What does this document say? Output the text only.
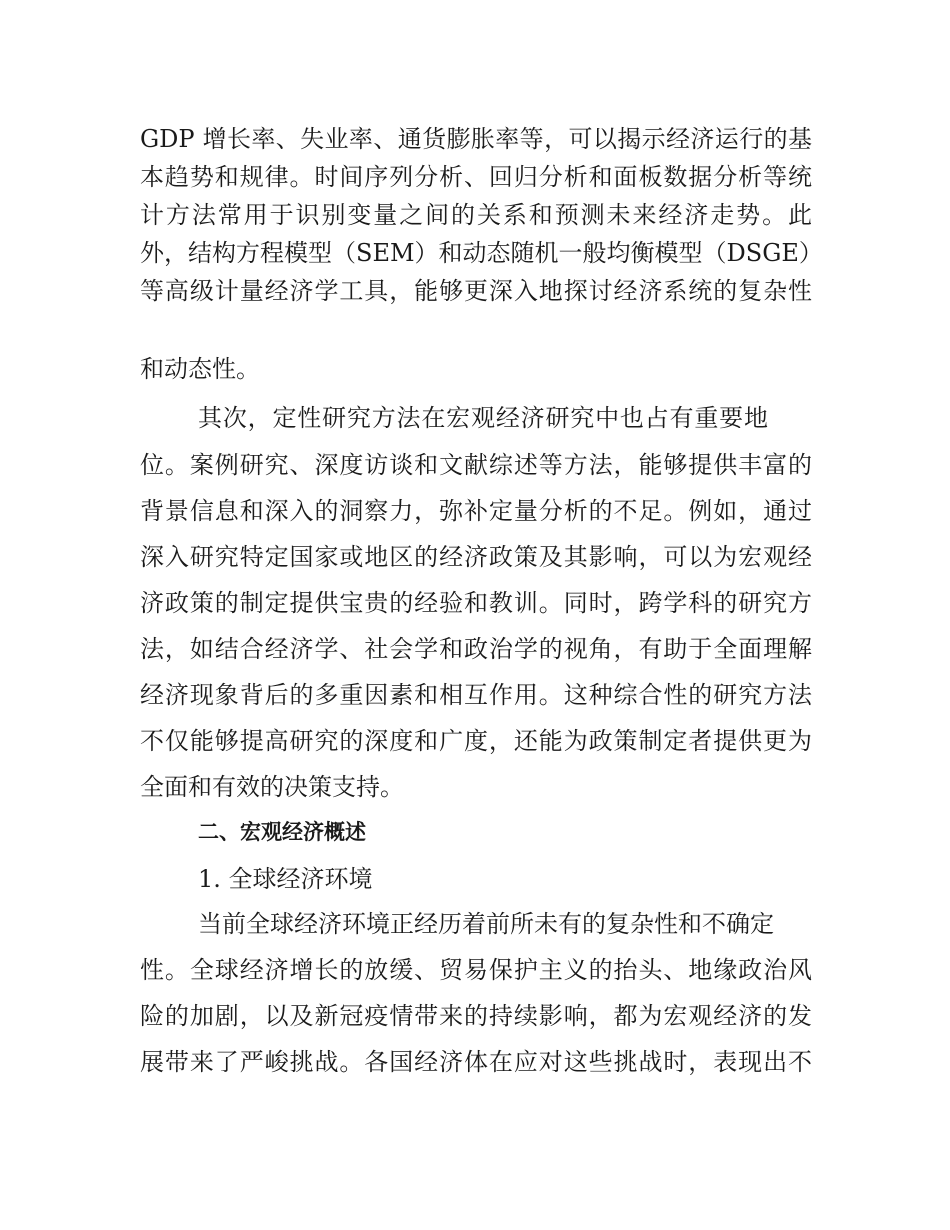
GDP 增长率、失业率、通货膨胀率等，可以揭示经济运行的基
本趋势和规律。时间序列分析、回归分析和面板数据分析等统
计方法常用于识别变量之间的关系和预测未来经济走势。此
外，结构方程模型（SEM）和动态随机一般均衡模型（DSGE）
等高级计量经济学工具，能够更深入地探讨经济系统的复杂性
和动态性。
其次，定性研究方法在宏观经济研究中也占有重要地
位。案例研究、深度访谈和文献综述等方法，能够提供丰富的
背景信息和深入的洞察力，弥补定量分析的不足。例如，通过
深入研究特定国家或地区的经济政策及其影响，可以为宏观经
济政策的制定提供宝贵的经验和教训。同时，跨学科的研究方
法，如结合经济学、社会学和政治学的视角，有助于全面理解
经济现象背后的多重因素和相互作用。这种综合性的研究方法
不仅能够提高研究的深度和广度，还能为政策制定者提供更为
全面和有效的决策支持。
二、宏观经济概述
1. 全球经济环境
当前全球经济环境正经历着前所未有的复杂性和不确定
性。全球经济增长的放缓、贸易保护主义的抬头、地缘政治风
险的加剧，以及新冠疫情带来的持续影响，都为宏观经济的发
展带来了严峻挑战。各国经济体在应对这些挑战时，表现出不
